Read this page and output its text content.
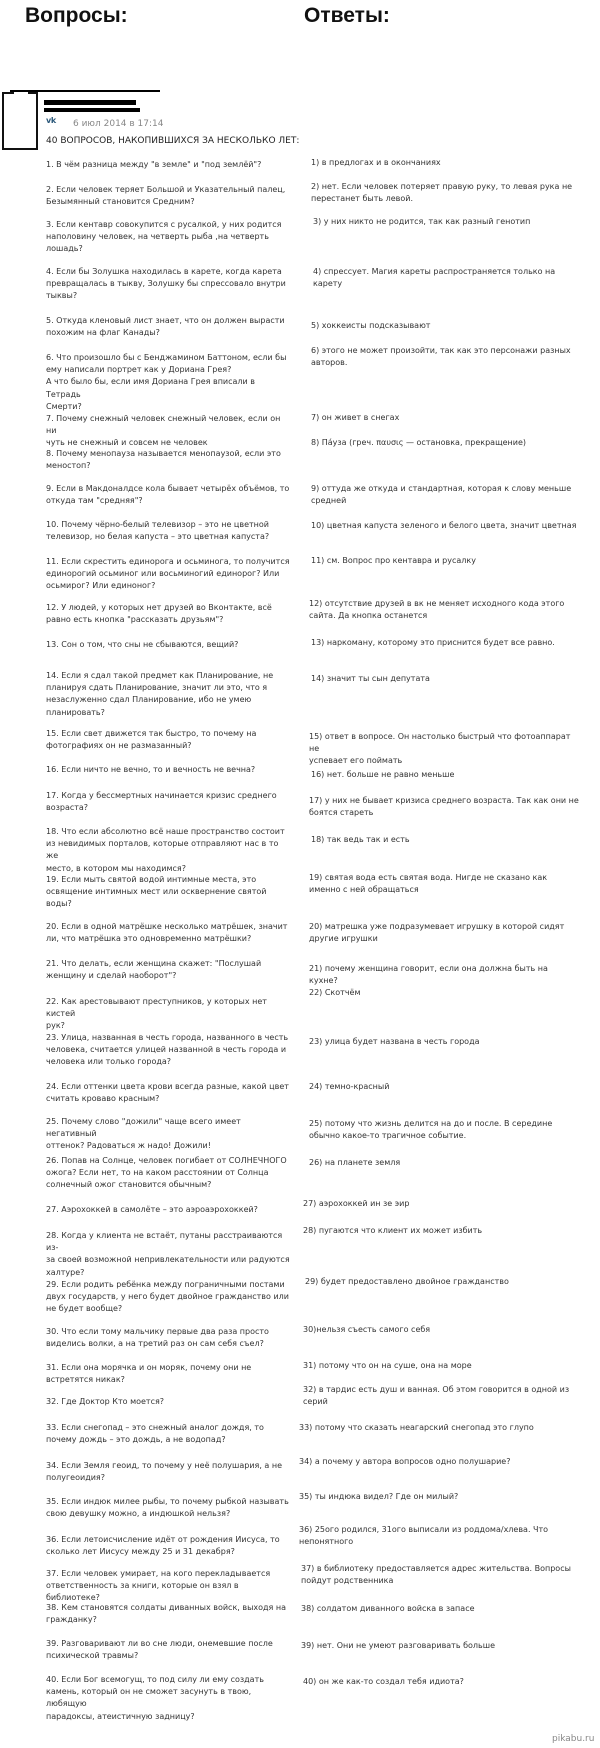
Вопросы:	Ответы:
vk 6 июл 2014 в 17:14
40 ВОПРОСОВ, НАКОПИВШИХСЯ ЗА НЕСКОЛЬКО ЛЕТ:
1. В чём разница между "в земле" и "под землёй"?
2. Если человек теряет Большой и Указательный палец,
Безымянный становится Средним?
3. Если кентавр совокупится с русалкой, у них родится
наполовину человек, на четверть рыба ,на четверть
лошадь?
4. Если бы Золушка находилась в карете, когда карета
превращалась в тыкву, Золушку бы спрессовало внутри
тыквы?
5. Откуда кленовый лист знает, что он должен вырасти
похожим на флаг Канады?
6. Что произошло бы с Бенджамином Баттоном, если бы
ему написали портрет как у Дориана Грея?
А что было бы, если имя Дориана Грея вписали в Тетрадь
Смерти?
7. Почему снежный человек снежный человек, если он ни
чуть не снежный и совсем не человек
8. Почему менопауза называется менопаузой, если это
меностоп?
9. Если в Макдоналдсе кола бывает четырёх объёмов, то
откуда там "средняя"?
10. Почему чёрно-белый телевизор – это не цветной
телевизор, но белая капуста – это цветная капуста?
11. Если скрестить единорога и осьминога, то получится
единорогий осьминог или восьминогий единорог? Или
осьмирог? Или единоног?
12. У людей, у которых нет друзей во Вконтакте, всё
равно есть кнопка "рассказать друзьям"?
13. Сон о том, что сны не сбываются, вещий?
14. Если я сдал такой предмет как Планирование, не
планируя сдать Планирование, значит ли это, что я
незаслуженно сдал Планирование, ибо не умею
планировать?
15. Если свет движется так быстро, то почему на
фотографиях он не размазанный?
16. Если ничто не вечно, то и вечность не вечна?
17. Когда у бессмертных начинается кризис среднего
возраста?
18. Что если абсолютно всё наше пространство состоит
из невидимых порталов, которые отправляют нас в то же
место, в котором мы находимся?
19. Если мыть святой водой интимные места, это
освящение интимных мест или осквернение святой
воды?
20. Если в одной матрёшке несколько матрёшек, значит
ли, что матрёшка это одновременно матрёшки?
21. Что делать, если женщина скажет: "Послушай
женщину и сделай наоборот"?
22. Как арестовывают преступников, у которых нет кистей
рук?
23. Улица, названная в честь города, названного в честь
человека, считается улицей названной в честь города и
человека или только города?
24. Если оттенки цвета крови всегда разные, какой цвет
считать кроваво красным?
25. Почему слово "дожили" чаще всего имеет негативный
оттенок? Радоваться ж надо! Дожили!
26. Попав на Солнце, человек погибает от СОЛНЕЧНОГО
ожога? Если нет, то на каком расстоянии от Солнца
солнечный ожог становится обычным?
27. Аэрохоккей в самолёте – это аэроаэрохоккей?
28. Когда у клиента не встаёт, путаны расстраиваются из-
за своей возможной непривлекательности или радуются
халтуре?
29. Если родить ребёнка между пограничными постами
двух государств, у него будет двойное гражданство или
не будет вообще?
30. Что если тому мальчику первые два раза просто
виделись волки, а на третий раз он сам себя съел?
31. Если она морячка и он моряк, почему они не
встретятся никак?
32. Где Доктор Кто моется?
33. Если снегопад – это снежный аналог дождя, то
почему дождь – это дождь, а не водопад?
34. Если Земля геоид, то почему у неё полушария, а не
полугеоидия?
35. Если индюк милее рыбы, то почему рыбкой называть
свою девушку можно, а индюшкой нельзя?
36. Если летоисчисление идёт от рождения Иисуса, то
сколько лет Иисусу между 25 и 31 декабря?
37. Если человек умирает, на кого перекладывается
ответственность за книги, которые он взял в библиотеке?
38. Кем становятся солдаты диванных войск, выходя на
гражданку?
39. Разговаривают ли во сне люди, онемевшие после
психической травмы?
40. Если Бог всемогущ, то под силу ли ему создать
камень, который он не сможет засунуть в твою, любящую
парадоксы, атеистичную задницу?
1) в предлогах и в окончаниях
2) нет. Если человек потеряет правую руку, то левая рука не
перестанет быть левой.
3) у них никто не родится, так как разный генотип
4) спрессует. Магия кареты распространяется только на карету
5) хоккеисты подсказывают
6) этого не может произойти, так как это персонажи разных
авторов.
7) он живет в снегах
8) Па́уза (греч. παυσις — остановка, прекращение)
9) оттуда же откуда и стандартная, которая к слову меньше
средней
10) цветная капуста зеленого и белого цвета, значит цветная
11) см. Вопрос про кентавра и русалку
12) отсутствие друзей в вк не меняет исходного кода этого
сайта. Да кнопка останется
13) наркоману, которому это приснится будет все равно.
14) значит ты сын депутата
15) ответ в вопросе. Он настолько быстрый что фотоаппарат не
успевает его поймать
16) нет. больше не равно меньше
17) у них не бывает кризиса среднего возраста. Так как они не
боятся стареть
18) так ведь так и есть
19) святая вода есть святая вода. Нигде не сказано как
именно с ней обращаться
20) матрешка уже подразумевает игрушку в которой сидят
другие игрушки
21) почему женщина говорит, если она должна быть на кухне?
22) Скотчём
23) улица будет названа в честь города
24) темно-красный
25) потому что жизнь делится на до и после. В середине
обычно какое-то трагичное событие.
26) на планете земля
27) аэрохоккей ин зе эир
28) пугаются что клиент их может избить
29) будет предоставлено двойное гражданство
30)нельзя съесть самого себя
31) потому что он на суше, она на море
32) в тардис есть душ и ванная. Об этом говорится в одной из
серий
33) потому что сказать неагарский снегопад это глупо
34) а почему у автора вопросов одно полушарие?
35) ты индюка видел? Где он милый?
36) 25ого родился, 31ого выписали из роддома/хлева. Что
непонятного
37) в библиотеку предоставляется адрес жительства. Вопросы
пойдут родственника
38) солдатом диванного войска в запасе
39) нет. Они не умеют разговаривать больше
40) он же как-то создал тебя идиота?
pikabu.ru
